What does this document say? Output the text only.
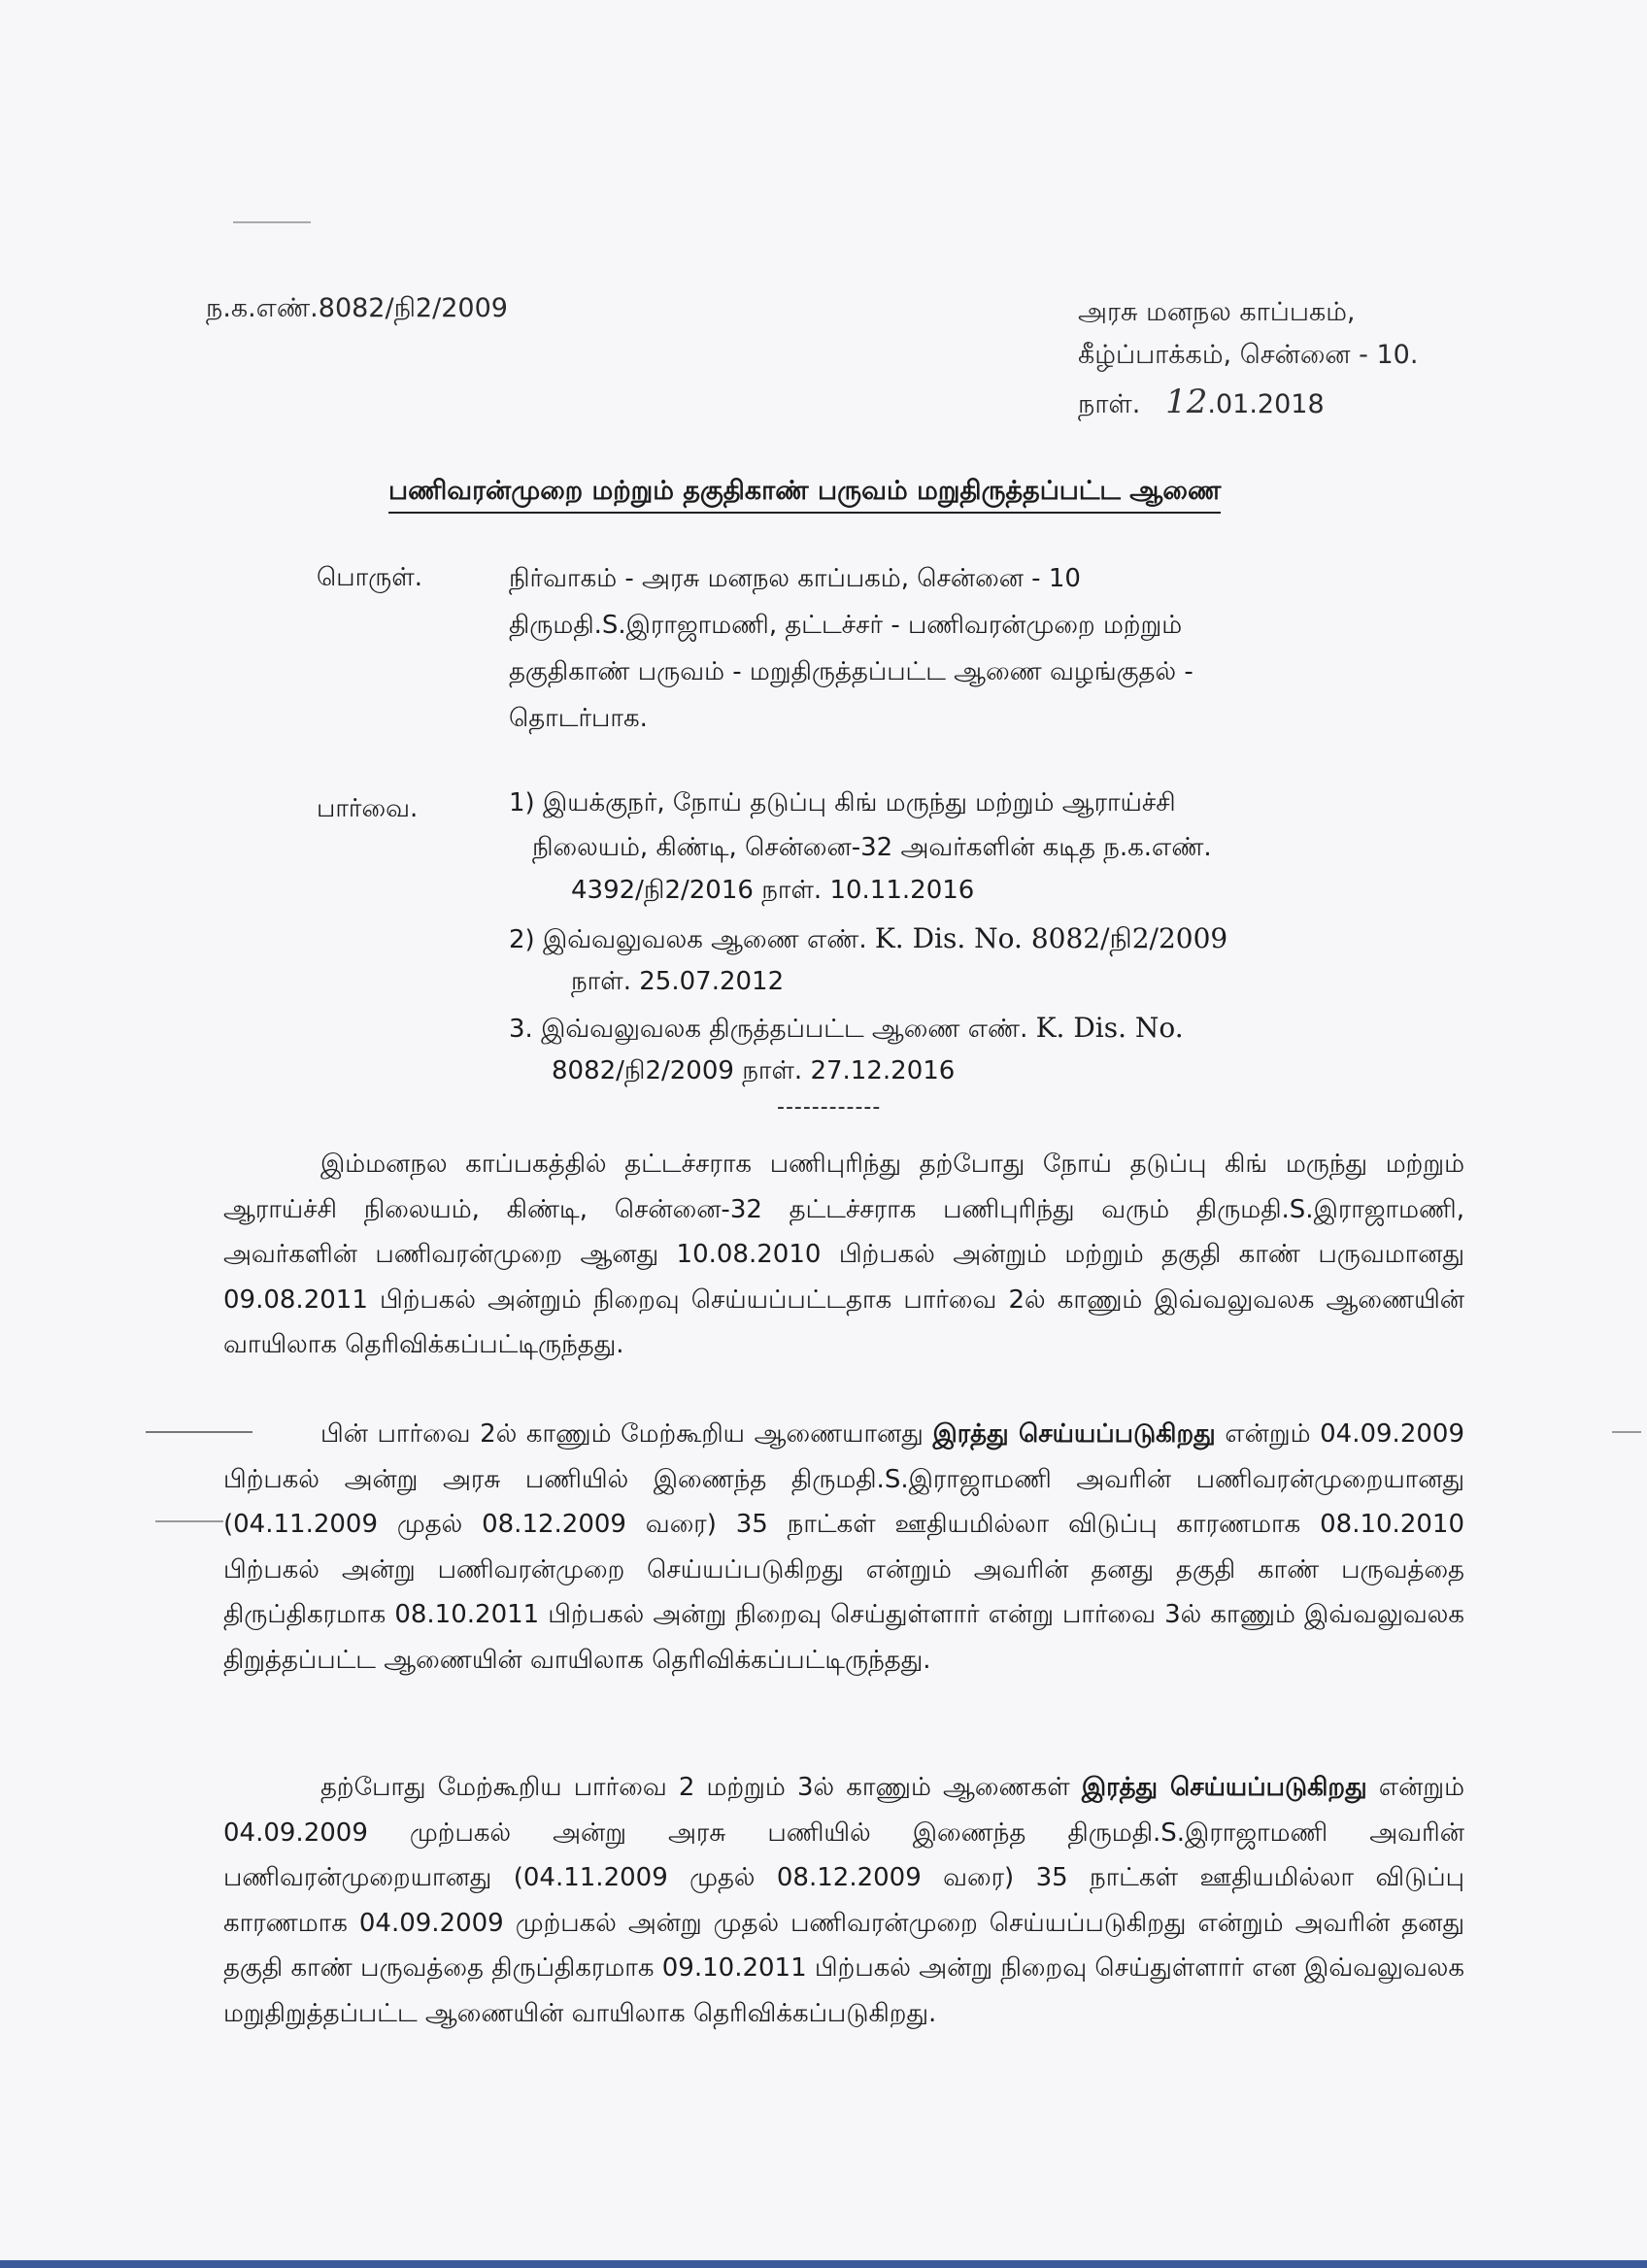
ந.க.எண்.8082/நி2/2009	அரசு மனநல காப்பகம்,
கீழ்ப்பாக்கம், சென்னை - 10.
நாள். 12.01.2018
பணிவரன்முறை மற்றும் தகுதிகாண் பருவம் மறுதிருத்தப்பட்ட ஆணை
பொருள்.	நிர்வாகம் - அரசு மனநல காப்பகம், சென்னை - 10
திருமதி.S.இராஜாமணி, தட்டச்சர் - பணிவரன்முறை மற்றும்
தகுதிகாண் பருவம் - மறுதிருத்தப்பட்ட ஆணை வழங்குதல் -
தொடர்பாக.
பார்வை.	1) இயக்குநர், நோய் தடுப்பு கிங் மருந்து மற்றும் ஆராய்ச்சி
நிலையம், கிண்டி, சென்னை-32 அவர்களின் கடித ந.க.எண்.
4392/நி2/2016 நாள். 10.11.2016
2) இவ்வலுவலக ஆணை எண். K. Dis. No. 8082/நி2/2009
நாள். 25.07.2012
3. இவ்வலுவலக திருத்தப்பட்ட ஆணை எண். K. Dis. No.
8082/நி2/2009 நாள். 27.12.2016
------------
இம்மனநல காப்பகத்தில் தட்டச்சராக பணிபுரிந்து தற்போது நோய் தடுப்பு கிங் மருந்து மற்றும் ஆராய்ச்சி நிலையம், கிண்டி, சென்னை-32 தட்டச்சராக பணிபுரிந்து வரும் திருமதி.S.இராஜாமணி, அவர்களின் பணிவரன்முறை ஆனது 10.08.2010 பிற்பகல் அன்றும் மற்றும் தகுதி காண் பருவமானது 09.08.2011 பிற்பகல் அன்றும் நிறைவு செய்யப்பட்டதாக பார்வை 2ல் காணும் இவ்வலுவலக ஆணையின் வாயிலாக தெரிவிக்கப்பட்டிருந்தது.
பின் பார்வை 2ல் காணும் மேற்கூறிய ஆணையானது இரத்து செய்யப்படுகிறது என்றும் 04.09.2009 பிற்பகல் அன்று அரசு பணியில் இணைந்த திருமதி.S.இராஜாமணி அவரின் பணிவரன்முறையானது (04.11.2009 முதல் 08.12.2009 வரை) 35 நாட்கள் ஊதியமில்லா விடுப்பு காரணமாக 08.10.2010 பிற்பகல் அன்று பணிவரன்முறை செய்யப்படுகிறது என்றும் அவரின் தனது தகுதி காண் பருவத்தை திருப்திகரமாக 08.10.2011 பிற்பகல் அன்று நிறைவு செய்துள்ளார் என்று பார்வை 3ல் காணும் இவ்வலுவலக திறுத்தப்பட்ட ஆணையின் வாயிலாக தெரிவிக்கப்பட்டிருந்தது.
தற்போது மேற்கூறிய பார்வை 2 மற்றும் 3ல் காணும் ஆணைகள் இரத்து செய்யப்படுகிறது என்றும் 04.09.2009 முற்பகல் அன்று அரசு பணியில் இணைந்த திருமதி.S.இராஜாமணி அவரின் பணிவரன்முறையானது (04.11.2009 முதல் 08.12.2009 வரை) 35 நாட்கள் ஊதியமில்லா விடுப்பு காரணமாக 04.09.2009 முற்பகல் அன்று முதல் பணிவரன்முறை செய்யப்படுகிறது என்றும் அவரின் தனது தகுதி காண் பருவத்தை திருப்திகரமாக 09.10.2011 பிற்பகல் அன்று நிறைவு செய்துள்ளார் என இவ்வலுவலக மறுதிறுத்தப்பட்ட ஆணையின் வாயிலாக தெரிவிக்கப்படுகிறது.
